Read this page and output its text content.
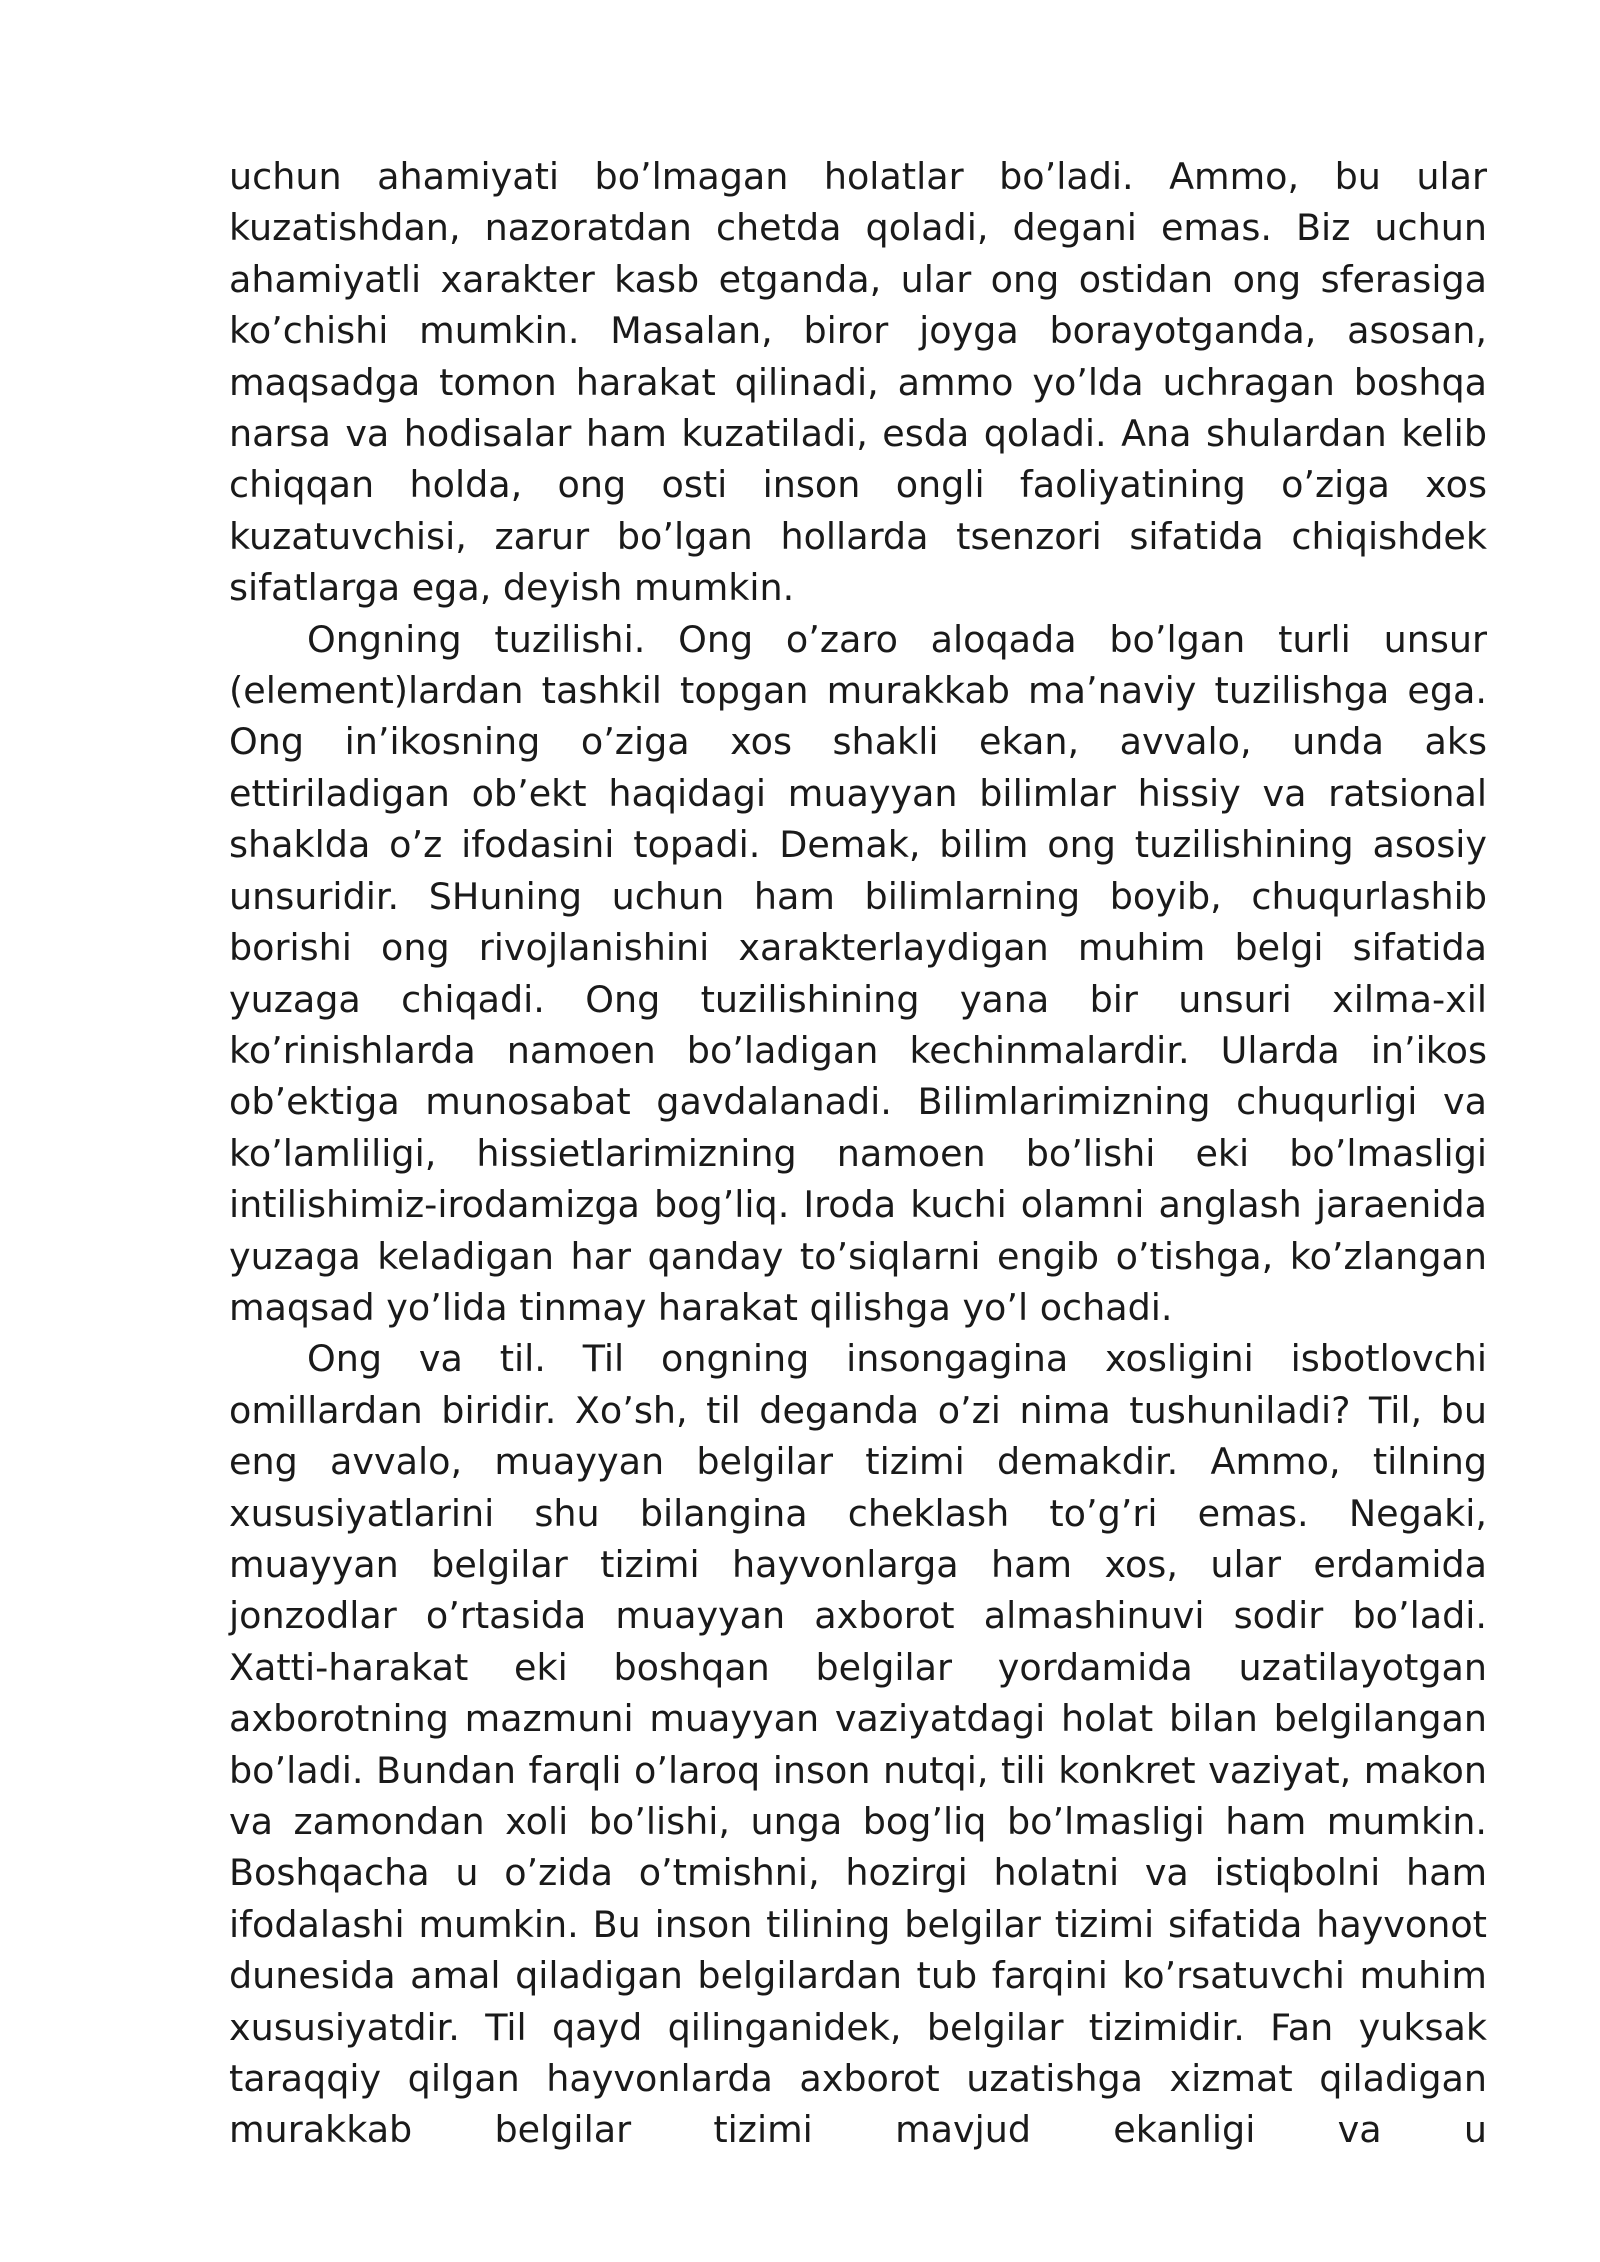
uchun ahamiyati bo’lmagan holatlar bo’ladi. Ammo, bu ular kuzatishdan, nazoratdan chetda qoladi, degani emas. Biz uchun ahamiyatli xarakter kasb etganda, ular ong ostidan ong sferasiga ko’chishi mumkin. Masalan, biror joyga borayotganda, asosan, maqsadga tomon harakat qilinadi, ammo yo’lda uchragan boshqa narsa va hodisalar ham kuzatiladi, esda qoladi. Ana shulardan kelib chiqqan holda, ong osti inson ongli faoliyatining o’ziga xos kuzatuvchisi, zarur bo’lgan hollarda tsenzori sifatida chiqishdek sifatlarga ega, deyish mumkin.

Ongning tuzilishi. Ong o’zaro aloqada bo’lgan turli unsur (element)lardan tashkil topgan murakkab ma’naviy tuzilishga ega. Ong in’ikosning o’ziga xos shakli ekan, avvalo, unda aks ettiriladigan ob’ekt haqidagi muayyan bilimlar hissiy va ratsional shaklda o’z ifodasini topadi. Demak, bilim ong tuzilishining asosiy unsuridir. SHuning uchun ham bilimlarning boyib, chuqurlashib borishi ong rivojlanishini xarakterlaydigan muhim belgi sifatida yuzaga chiqadi. Ong tuzilishining yana bir unsuri xilma-xil ko’rinishlarda namoen bo’ladigan kechinmalardir. Ularda in’ikos ob’ektiga munosabat gavdalanadi. Bilimlarimizning chuqurligi va ko’lamliligi, hissietlarimizning namoen bo’lishi eki bo’lmasligi intilishimiz-irodamizga bog’liq. Iroda kuchi olamni anglash jaraenida yuzaga keladigan har qanday to’siqlarni engib o’tishga, ko’zlangan maqsad yo’lida tinmay harakat qilishga yo’l ochadi.

Ong va til. Til ongning insongagina xosligini isbotlovchi omillardan biridir. Xo’sh, til deganda o’zi nima tushuniladi? Til, bu eng avvalo, muayyan belgilar tizimi demakdir. Ammo, tilning xususiyatlarini shu bilangina cheklash to’g’ri emas. Negaki, muayyan belgilar tizimi hayvonlarga ham xos, ular erdamida jonzodlar o’rtasida muayyan axborot almashinuvi sodir bo’ladi. Xatti-harakat eki boshqan belgilar yordamida uzatilayotgan axborotning mazmuni muayyan vaziyatdagi holat bilan belgilangan bo’ladi. Bundan farqli o’laroq inson nutqi, tili konkret vaziyat, makon va zamondan xoli bo’lishi, unga bog’liq bo’lmasligi ham mumkin. Boshqacha u o’zida o’tmishni, hozirgi holatni va istiqbolni ham ifodalashi mumkin. Bu inson tilining belgilar tizimi sifatida hayvonot dunesida amal qiladigan belgilardan tub farqini ko’rsatuvchi muhim xususiyatdir. Til qayd qilinganidek, belgilar tizimidir. Fan yuksak taraqqiy qilgan hayvonlarda axborot uzatishga xizmat qiladigan murakkab belgilar tizimi mavjud ekanligi va u
